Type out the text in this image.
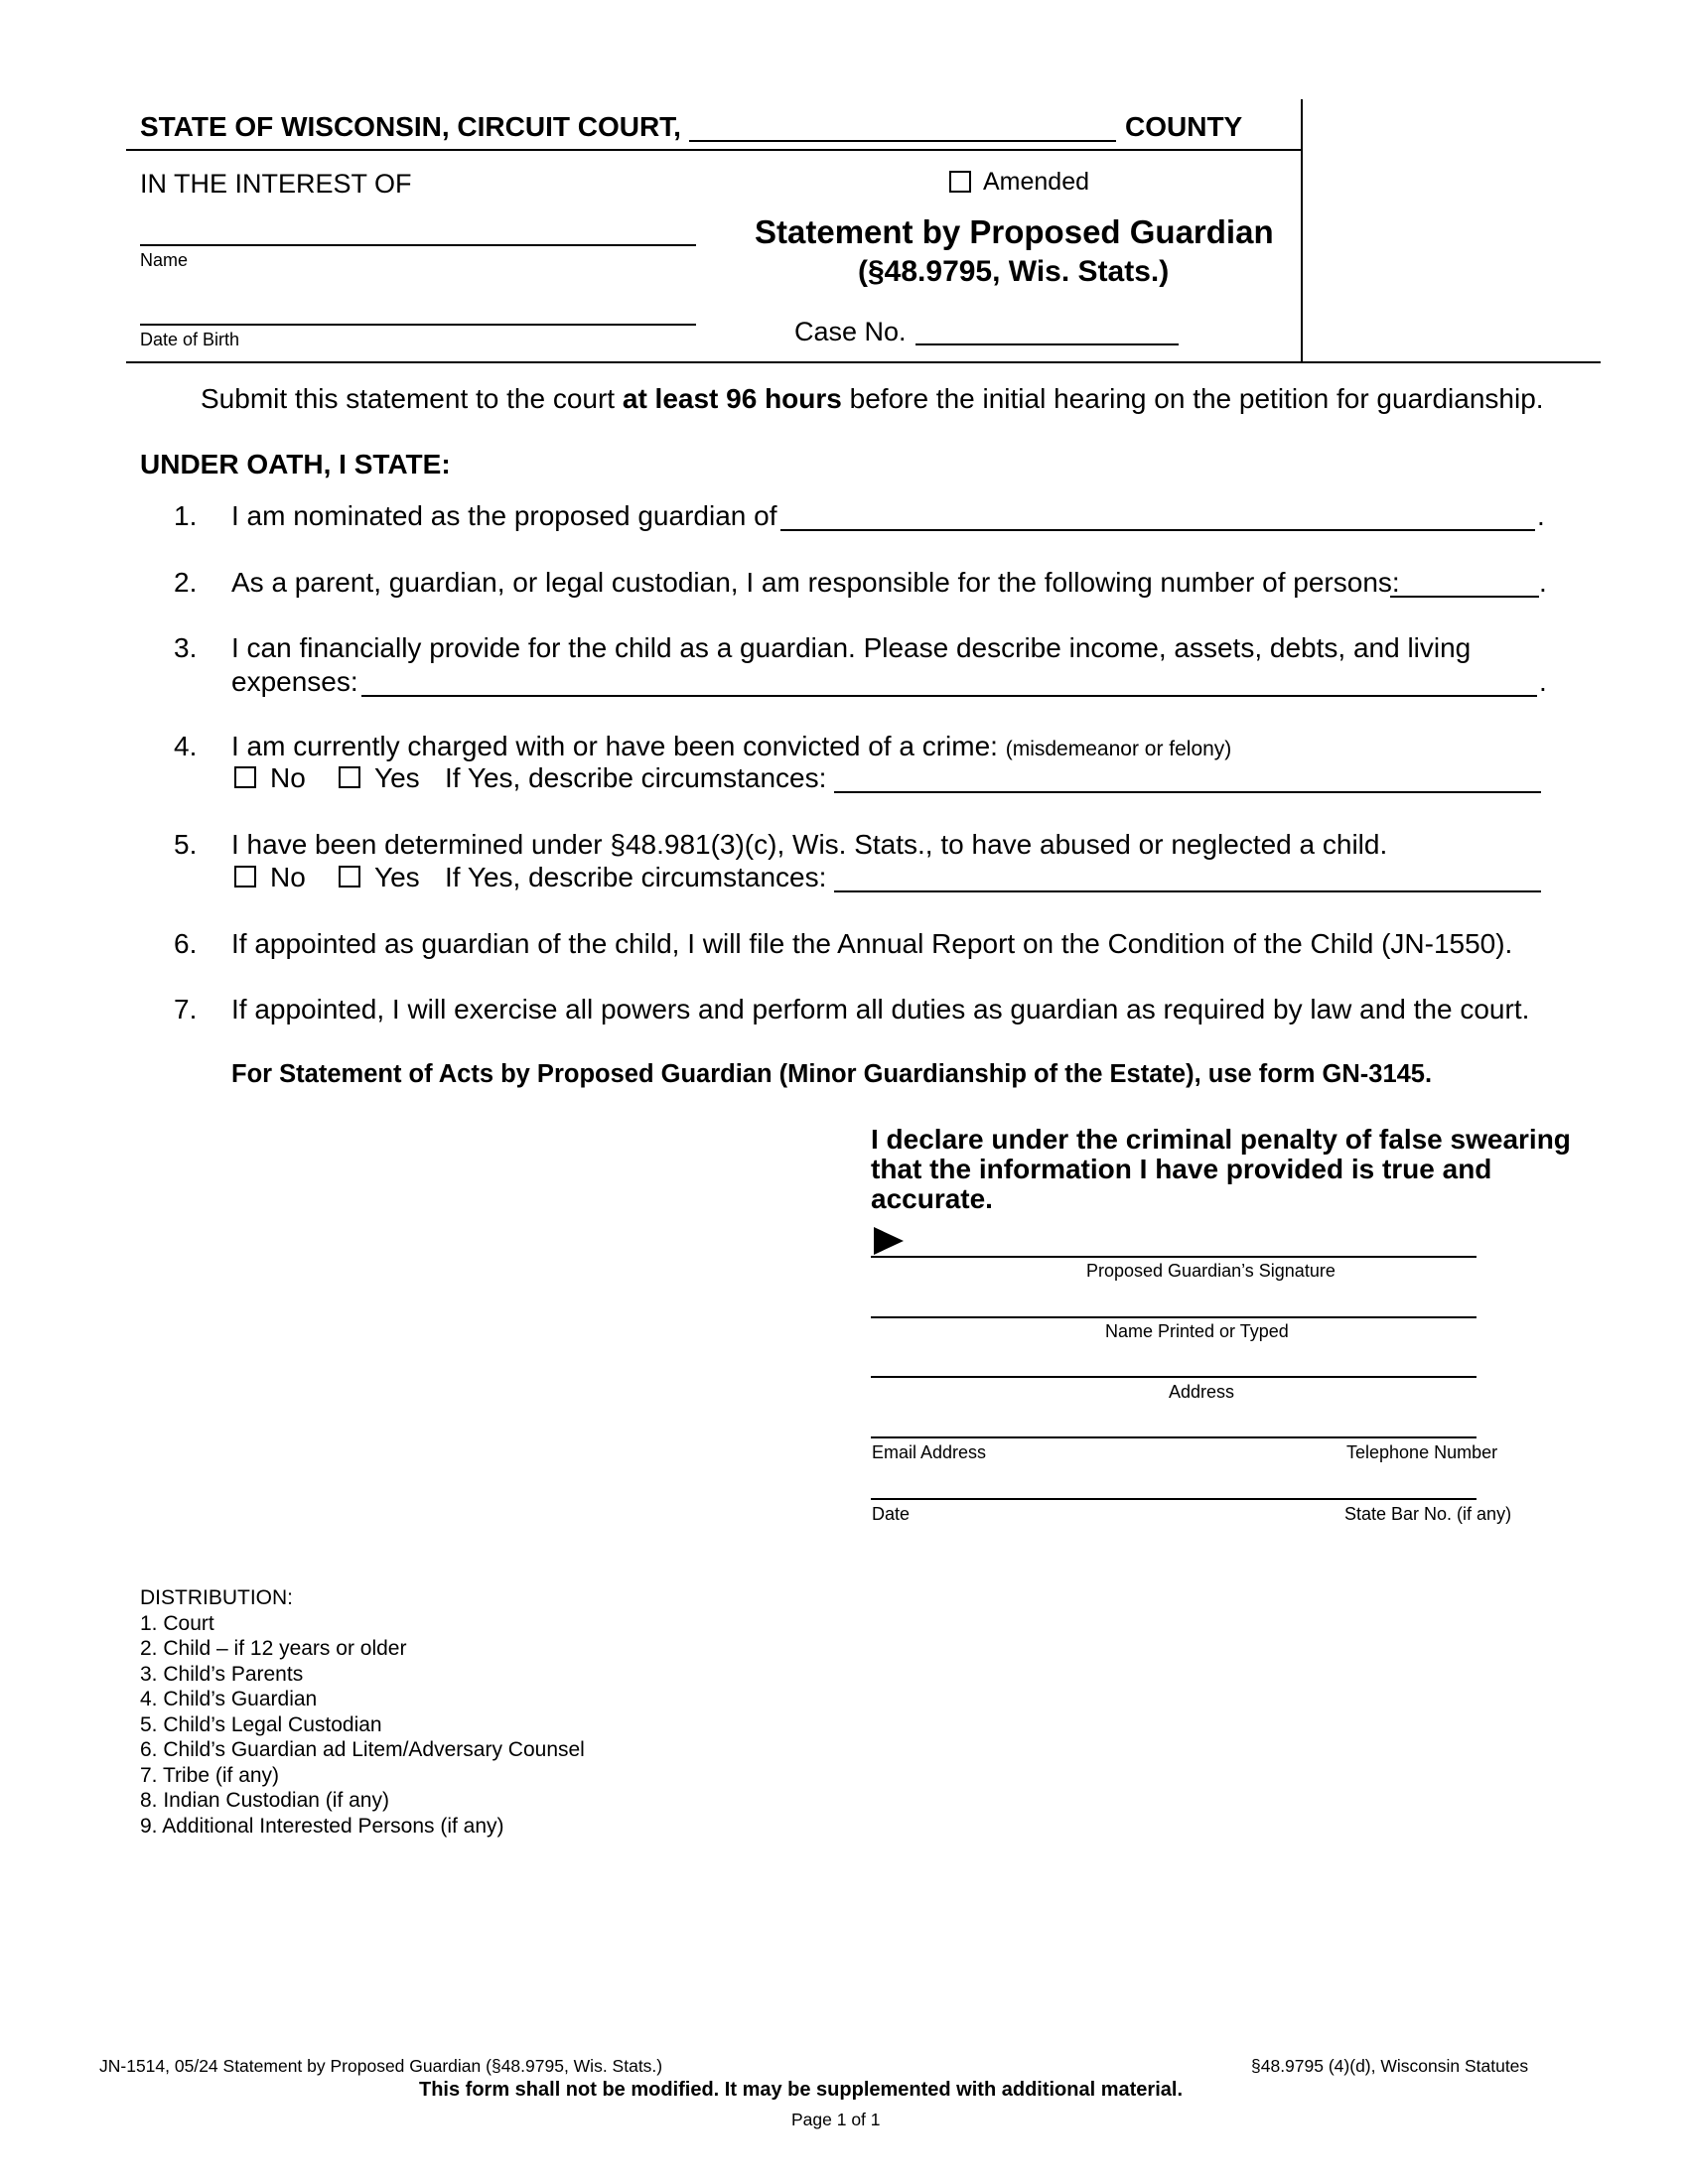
STATE OF WISCONSIN, CIRCUIT COURT,	COUNTY
IN THE INTEREST OF
Name
Date of Birth
Amended
Statement by Proposed Guardian
(§48.9795, Wis. Stats.)
Case No.
Submit this statement to the court at least 96 hours before the initial hearing on the petition for guardianship.
UNDER OATH, I STATE:
1. I am nominated as the proposed guardian of	.
2. As a parent, guardian, or legal custodian, I am responsible for the following number of persons:	.
3. I can financially provide for the child as a guardian. Please describe income, assets, debts, and living
expenses:	.
4. I am currently charged with or have been convicted of a crime: (misdemeanor or felony)
No Yes If Yes, describe circumstances:
5. I have been determined under §48.981(3)(c), Wis. Stats., to have abused or neglected a child.
No Yes If Yes, describe circumstances:
6. If appointed as guardian of the child, I will file the Annual Report on the Condition of the Child (JN-1550).
7. If appointed, I will exercise all powers and perform all duties as guardian as required by law and the court.
For Statement of Acts by Proposed Guardian (Minor Guardianship of the Estate), use form GN-3145.
I declare under the criminal penalty of false swearing
that the information I have provided is true and
accurate.
Proposed Guardian’s Signature
Name Printed or Typed
Address
Email Address	Telephone Number
Date	State Bar No. (if any)
DISTRIBUTION:
1. Court
2. Child – if 12 years or older
3. Child’s Parents
4. Child’s Guardian
5. Child’s Legal Custodian
6. Child’s Guardian ad Litem/Adversary Counsel
7. Tribe (if any)
8. Indian Custodian (if any)
9. Additional Interested Persons (if any)
JN-1514, 05/24 Statement by Proposed Guardian (§48.9795, Wis. Stats.)	§48.9795 (4)(d), Wisconsin Statutes
This form shall not be modified. It may be supplemented with additional material.
Page 1 of 1
